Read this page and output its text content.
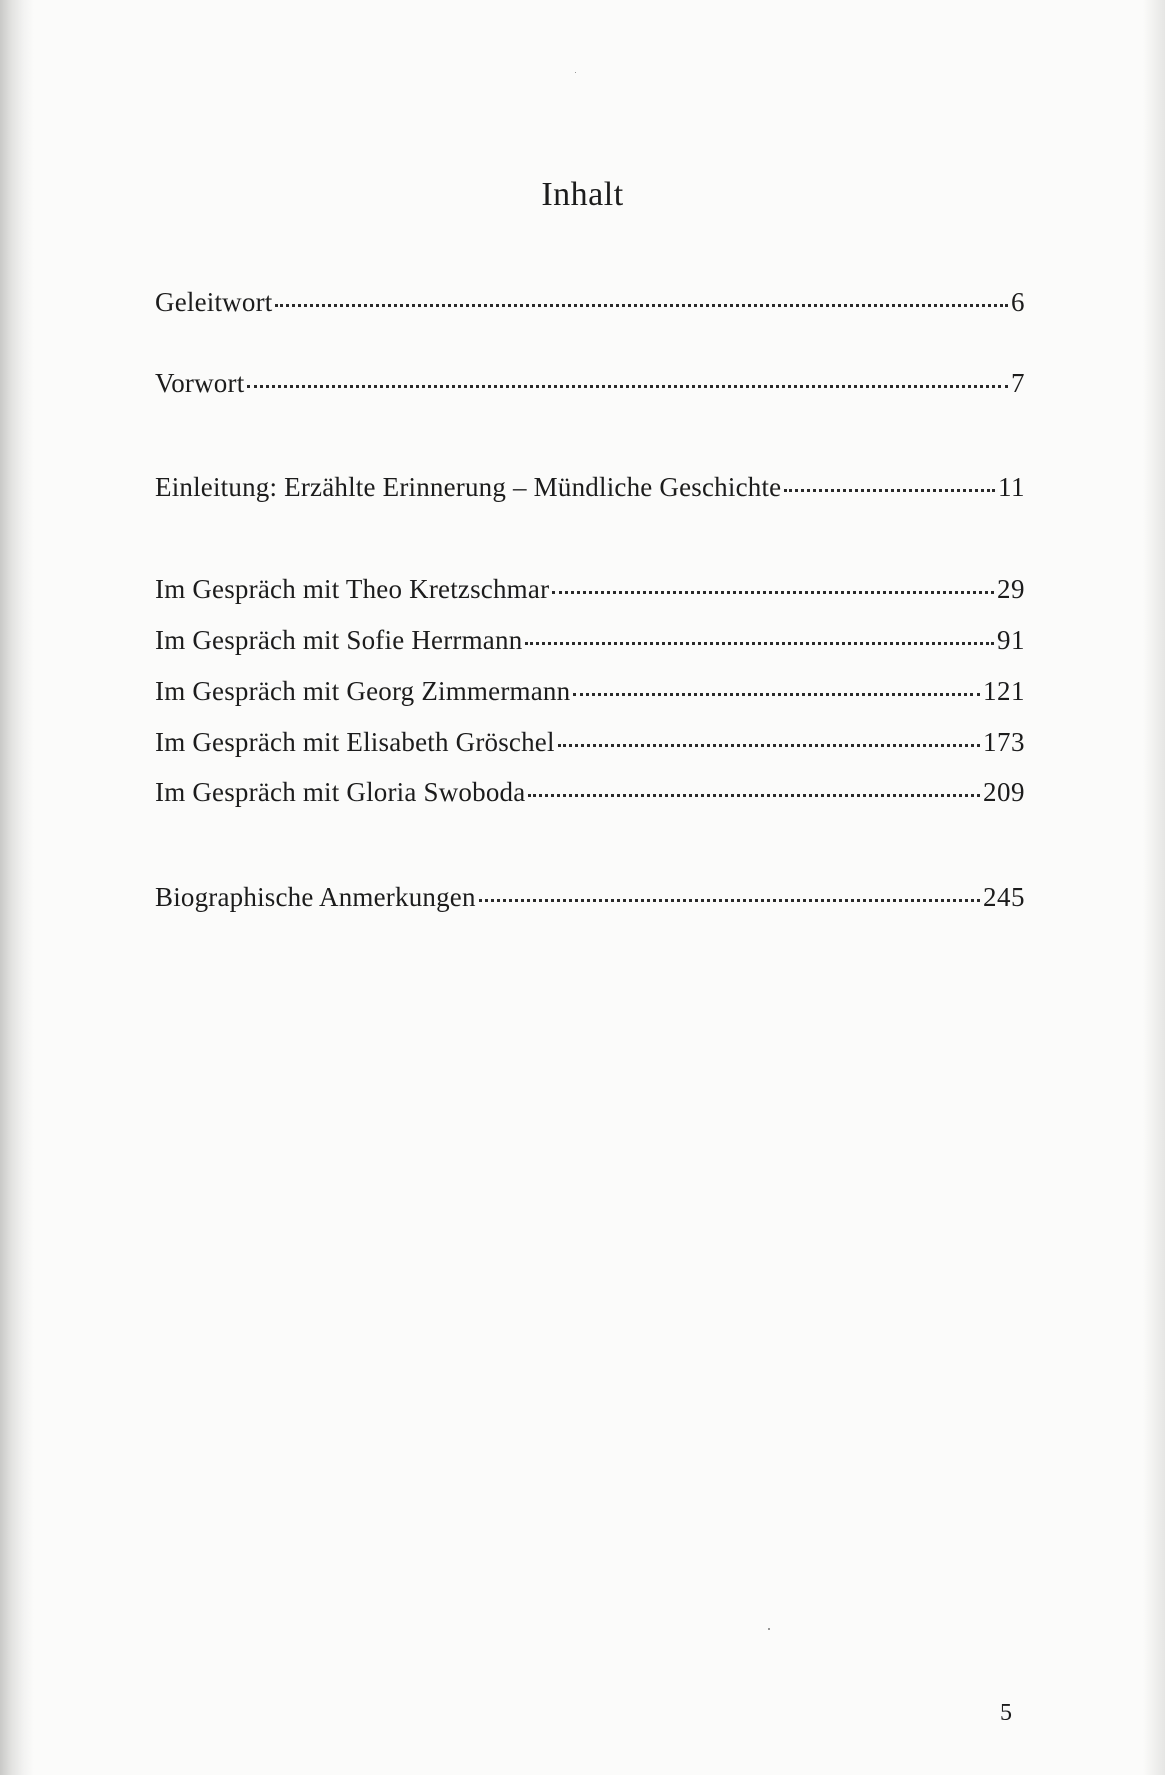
Inhalt
Geleitwort	6
Vorwort	7
Einleitung: Erzählte Erinnerung – Mündliche Geschichte	11
Im Gespräch mit Theo Kretzschmar	29
Im Gespräch mit Sofie Herrmann	91
Im Gespräch mit Georg Zimmermann	121
Im Gespräch mit Elisabeth Gröschel	173
Im Gespräch mit Gloria Swoboda	209
Biographische Anmerkungen	245
5
